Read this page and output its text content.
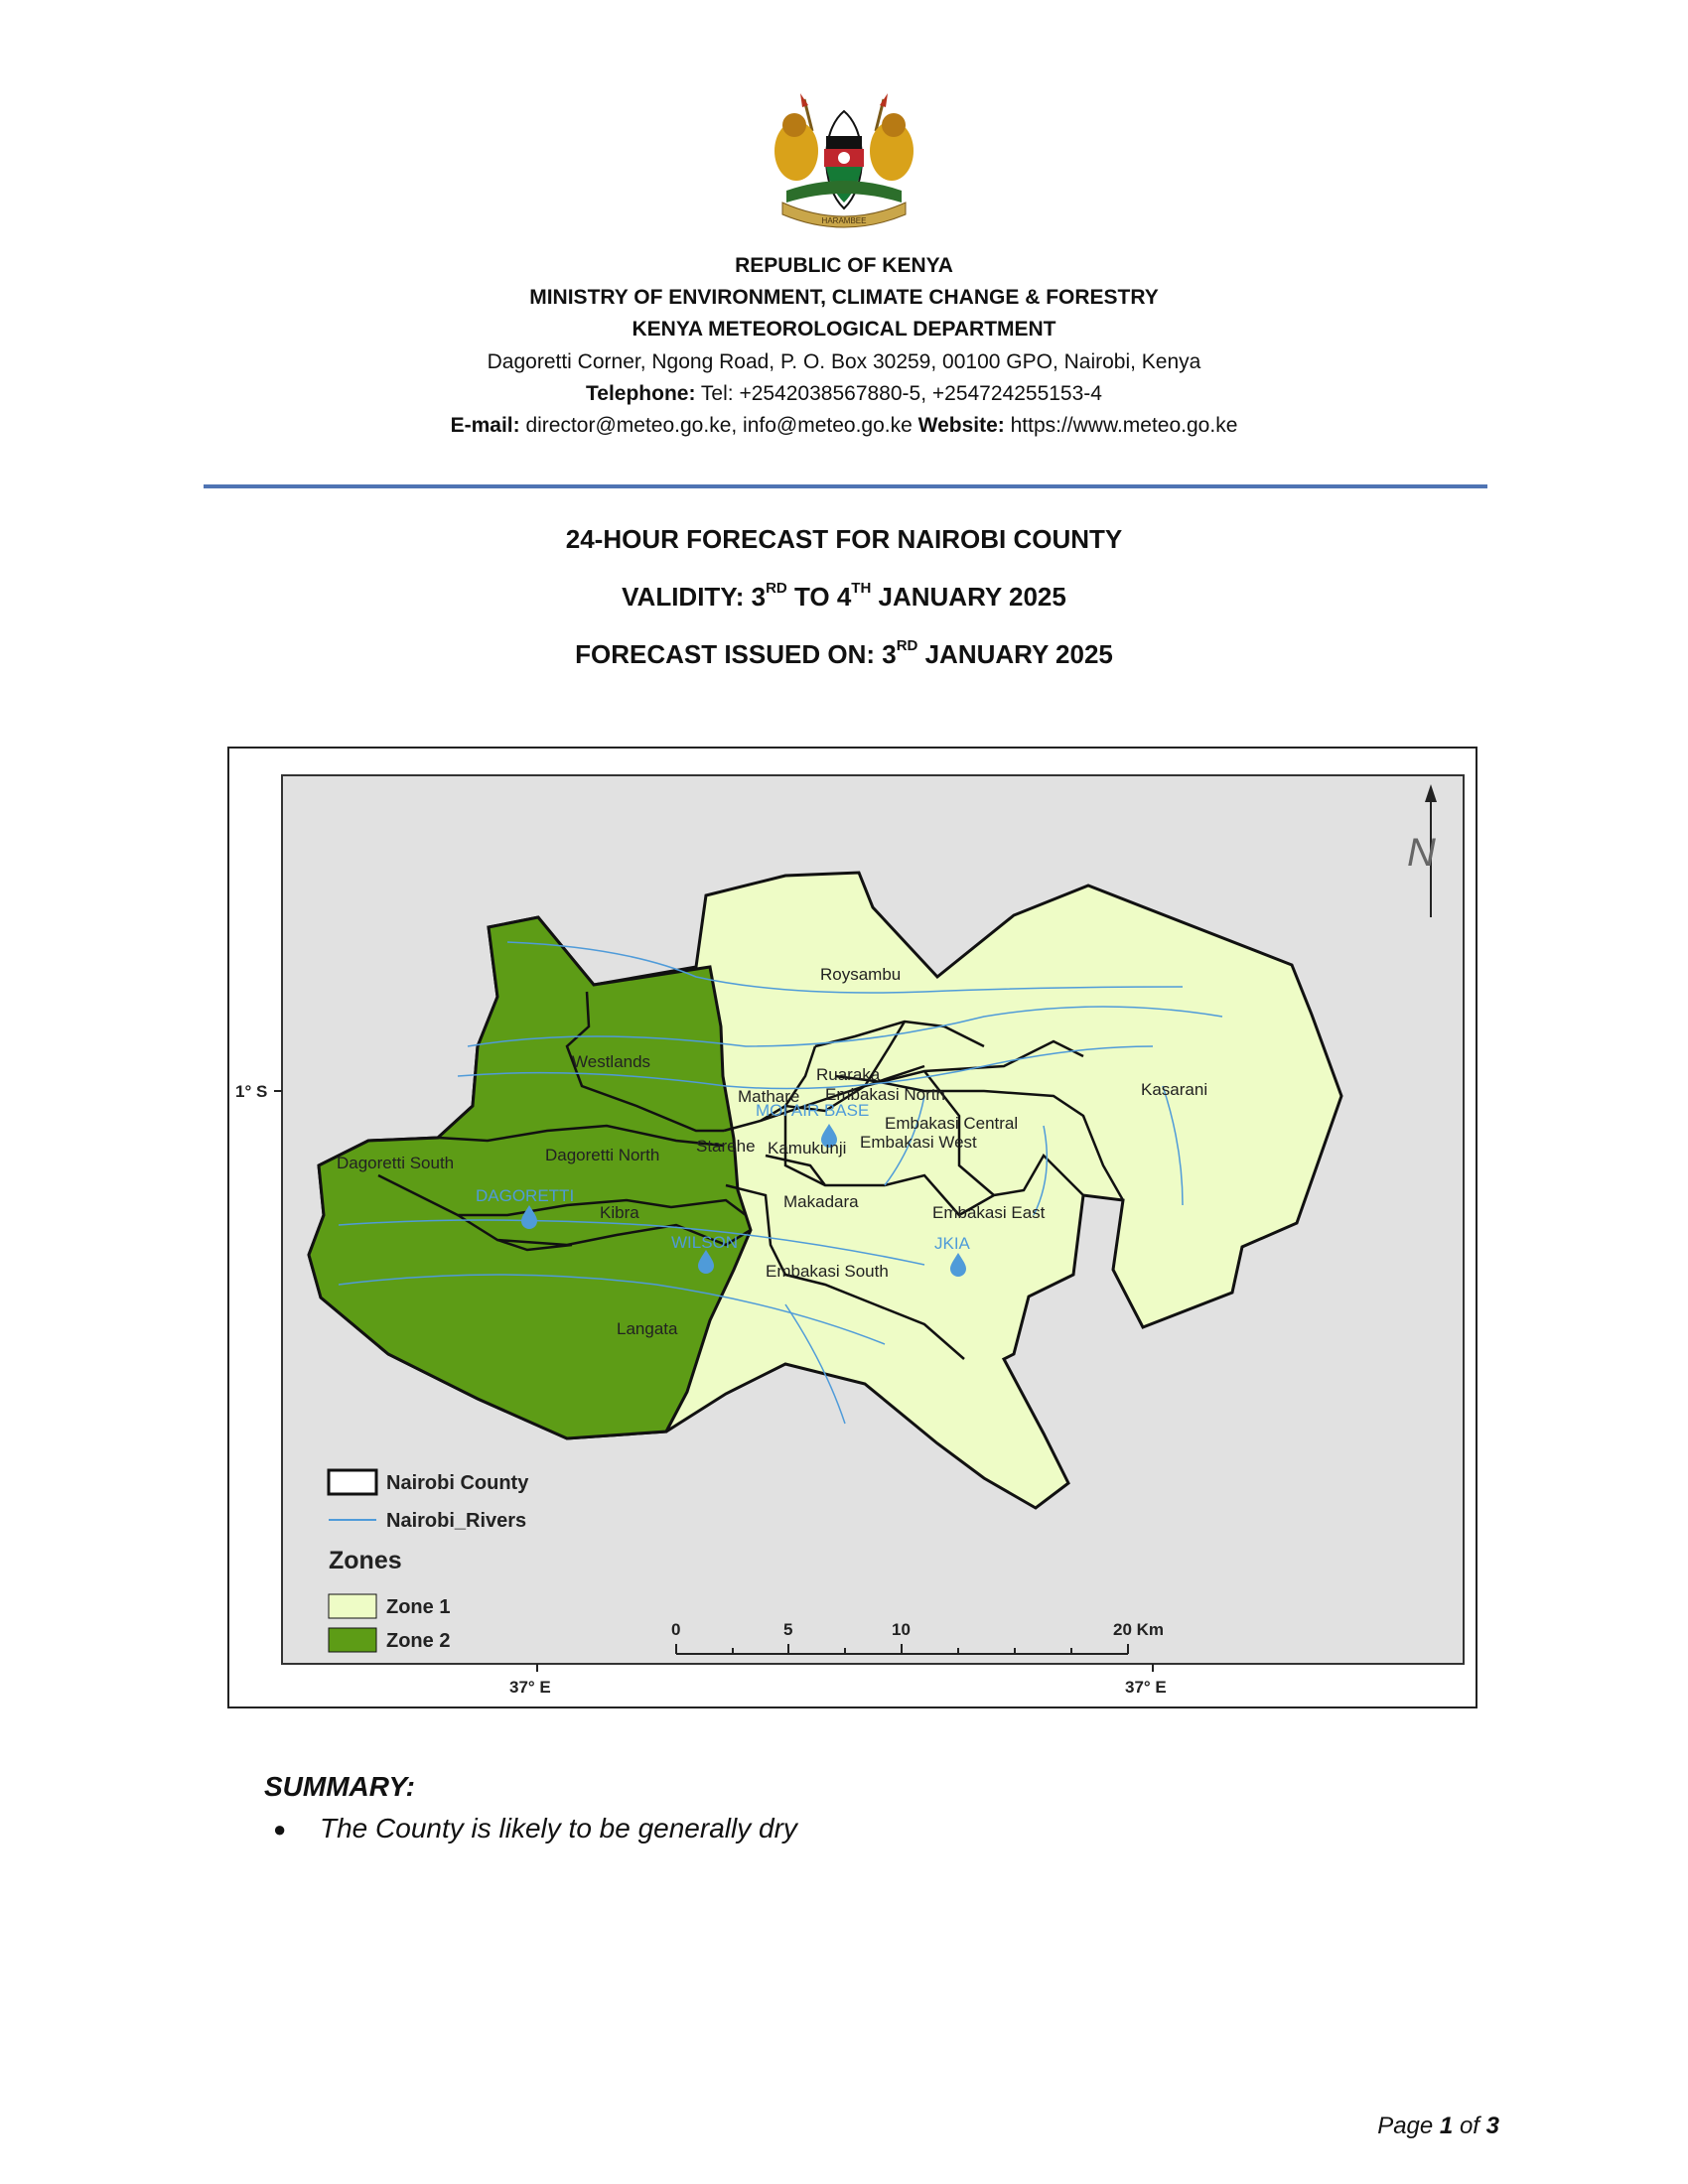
HARAMBEE
REPUBLIC OF KENYA
MINISTRY OF ENVIRONMENT, CLIMATE CHANGE & FORESTRY
KENYA METEOROLOGICAL DEPARTMENT
Dagoretti Corner, Ngong Road, P. O. Box 30259, 00100 GPO, Nairobi, Kenya
Telephone: Tel: +2542038567880-5, +254724255153-4
E-mail: director@meteo.go.ke, info@meteo.go.ke Website: https://www.meteo.go.ke
24-HOUR FORECAST FOR NAIROBI COUNTY
VALIDITY: 3RD TO 4TH JANUARY 2025
FORECAST ISSUED ON: 3RD JANUARY 2025
MOI AIR BASE
DAGORETTI
WILSON	JKIA
Roysambu
Westlands
Kasarani
Mathare
Ruaraka
Embakasi North
Embakasi Central
Embakasi West
Starehe Kamukunji
Dagoretti South	Dagoretti North
Kibra
Makadara
Embakasi East
Embakasi South
Langata
N
1° S
37° E	37° E
Nairobi County
Nairobi_Rivers
Zones
Zone 1
Zone 2
0	5	10	20 Km
SUMMARY:
● The County is likely to be generally dry
Page 1 of 3
